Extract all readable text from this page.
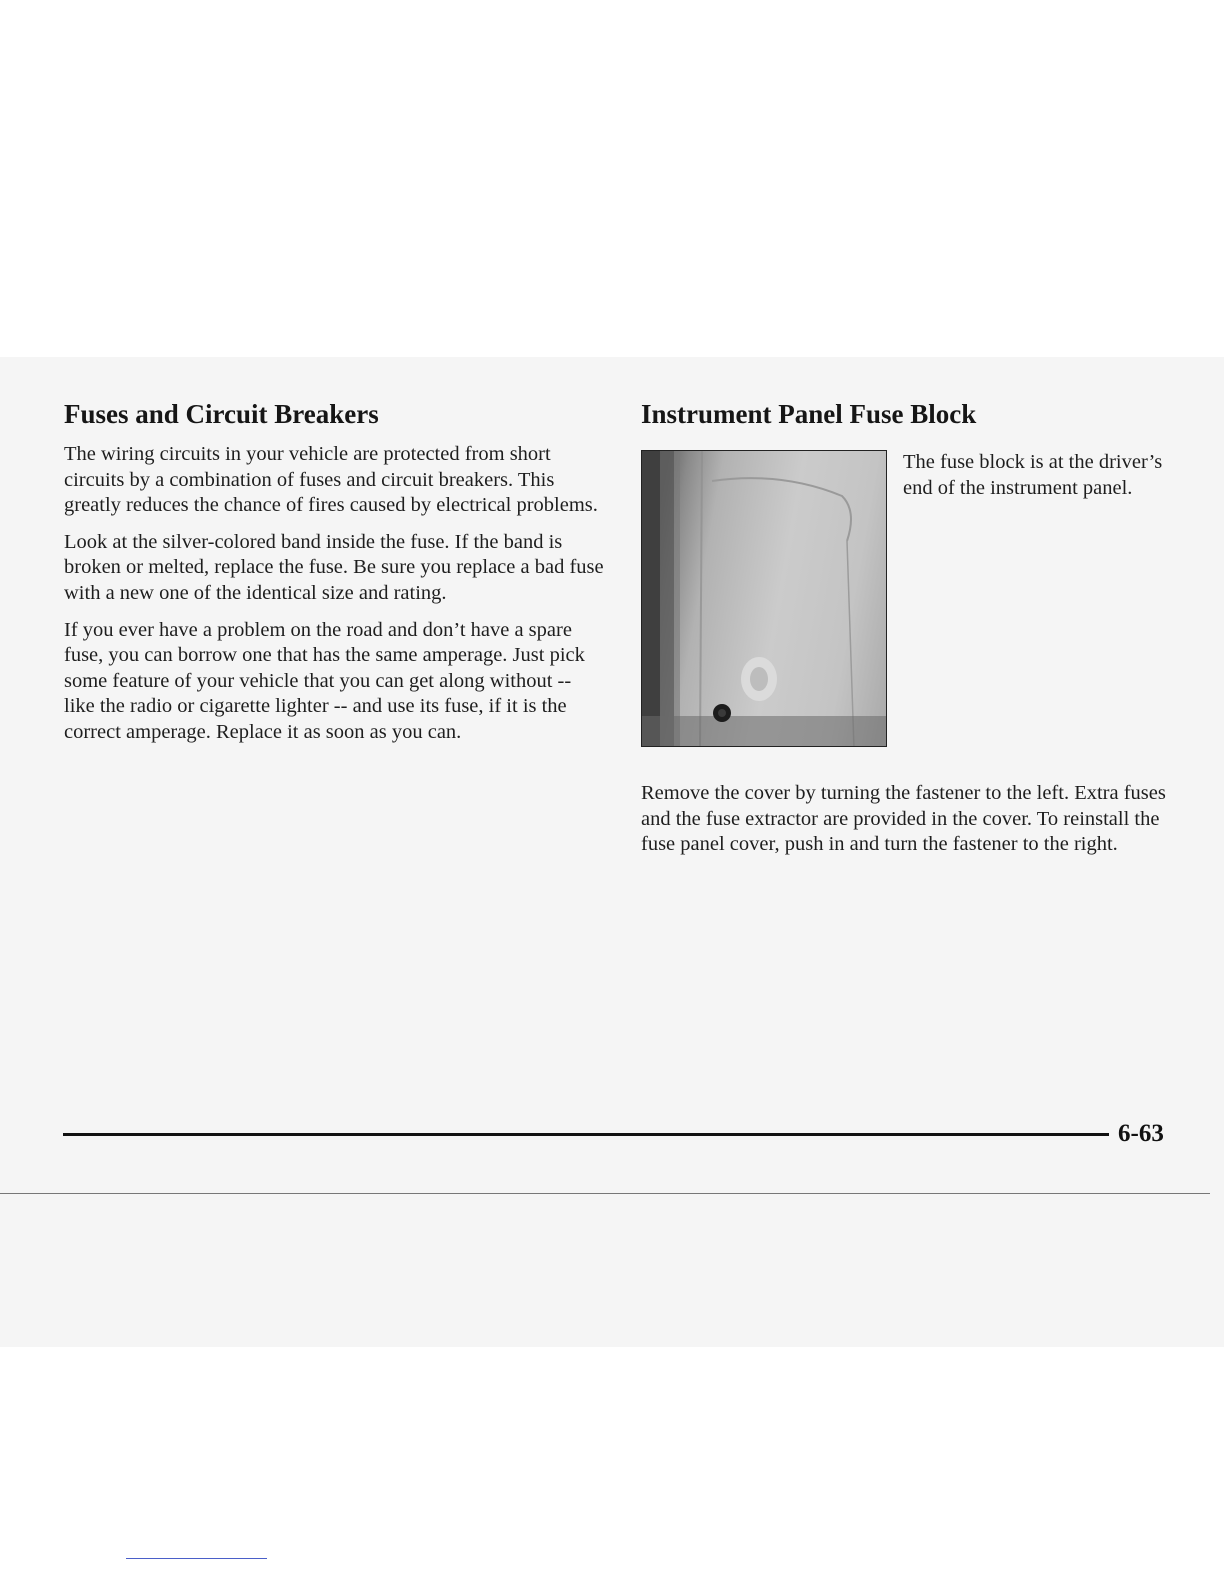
Fuses and Circuit Breakers

The wiring circuits in your vehicle are protected from short circuits by a combination of fuses and circuit breakers. This greatly reduces the chance of fires caused by electrical problems.

Look at the silver-colored band inside the fuse. If the band is broken or melted, replace the fuse. Be sure you replace a bad fuse with a new one of the identical size and rating.

If you ever have a problem on the road and don’t have a spare fuse, you can borrow one that has the same amperage. Just pick some feature of your vehicle that you can get along without -- like the radio or cigarette lighter -- and use its fuse, if it is the correct amperage. Replace it as soon as you can.

Instrument Panel Fuse Block

The fuse block is at the driver’s end of the instrument panel.

Remove the cover by turning the fastener to the left. Extra fuses and the fuse extractor are provided in the cover. To reinstall the fuse panel cover, push in and turn the fastener to the right.

6-63
